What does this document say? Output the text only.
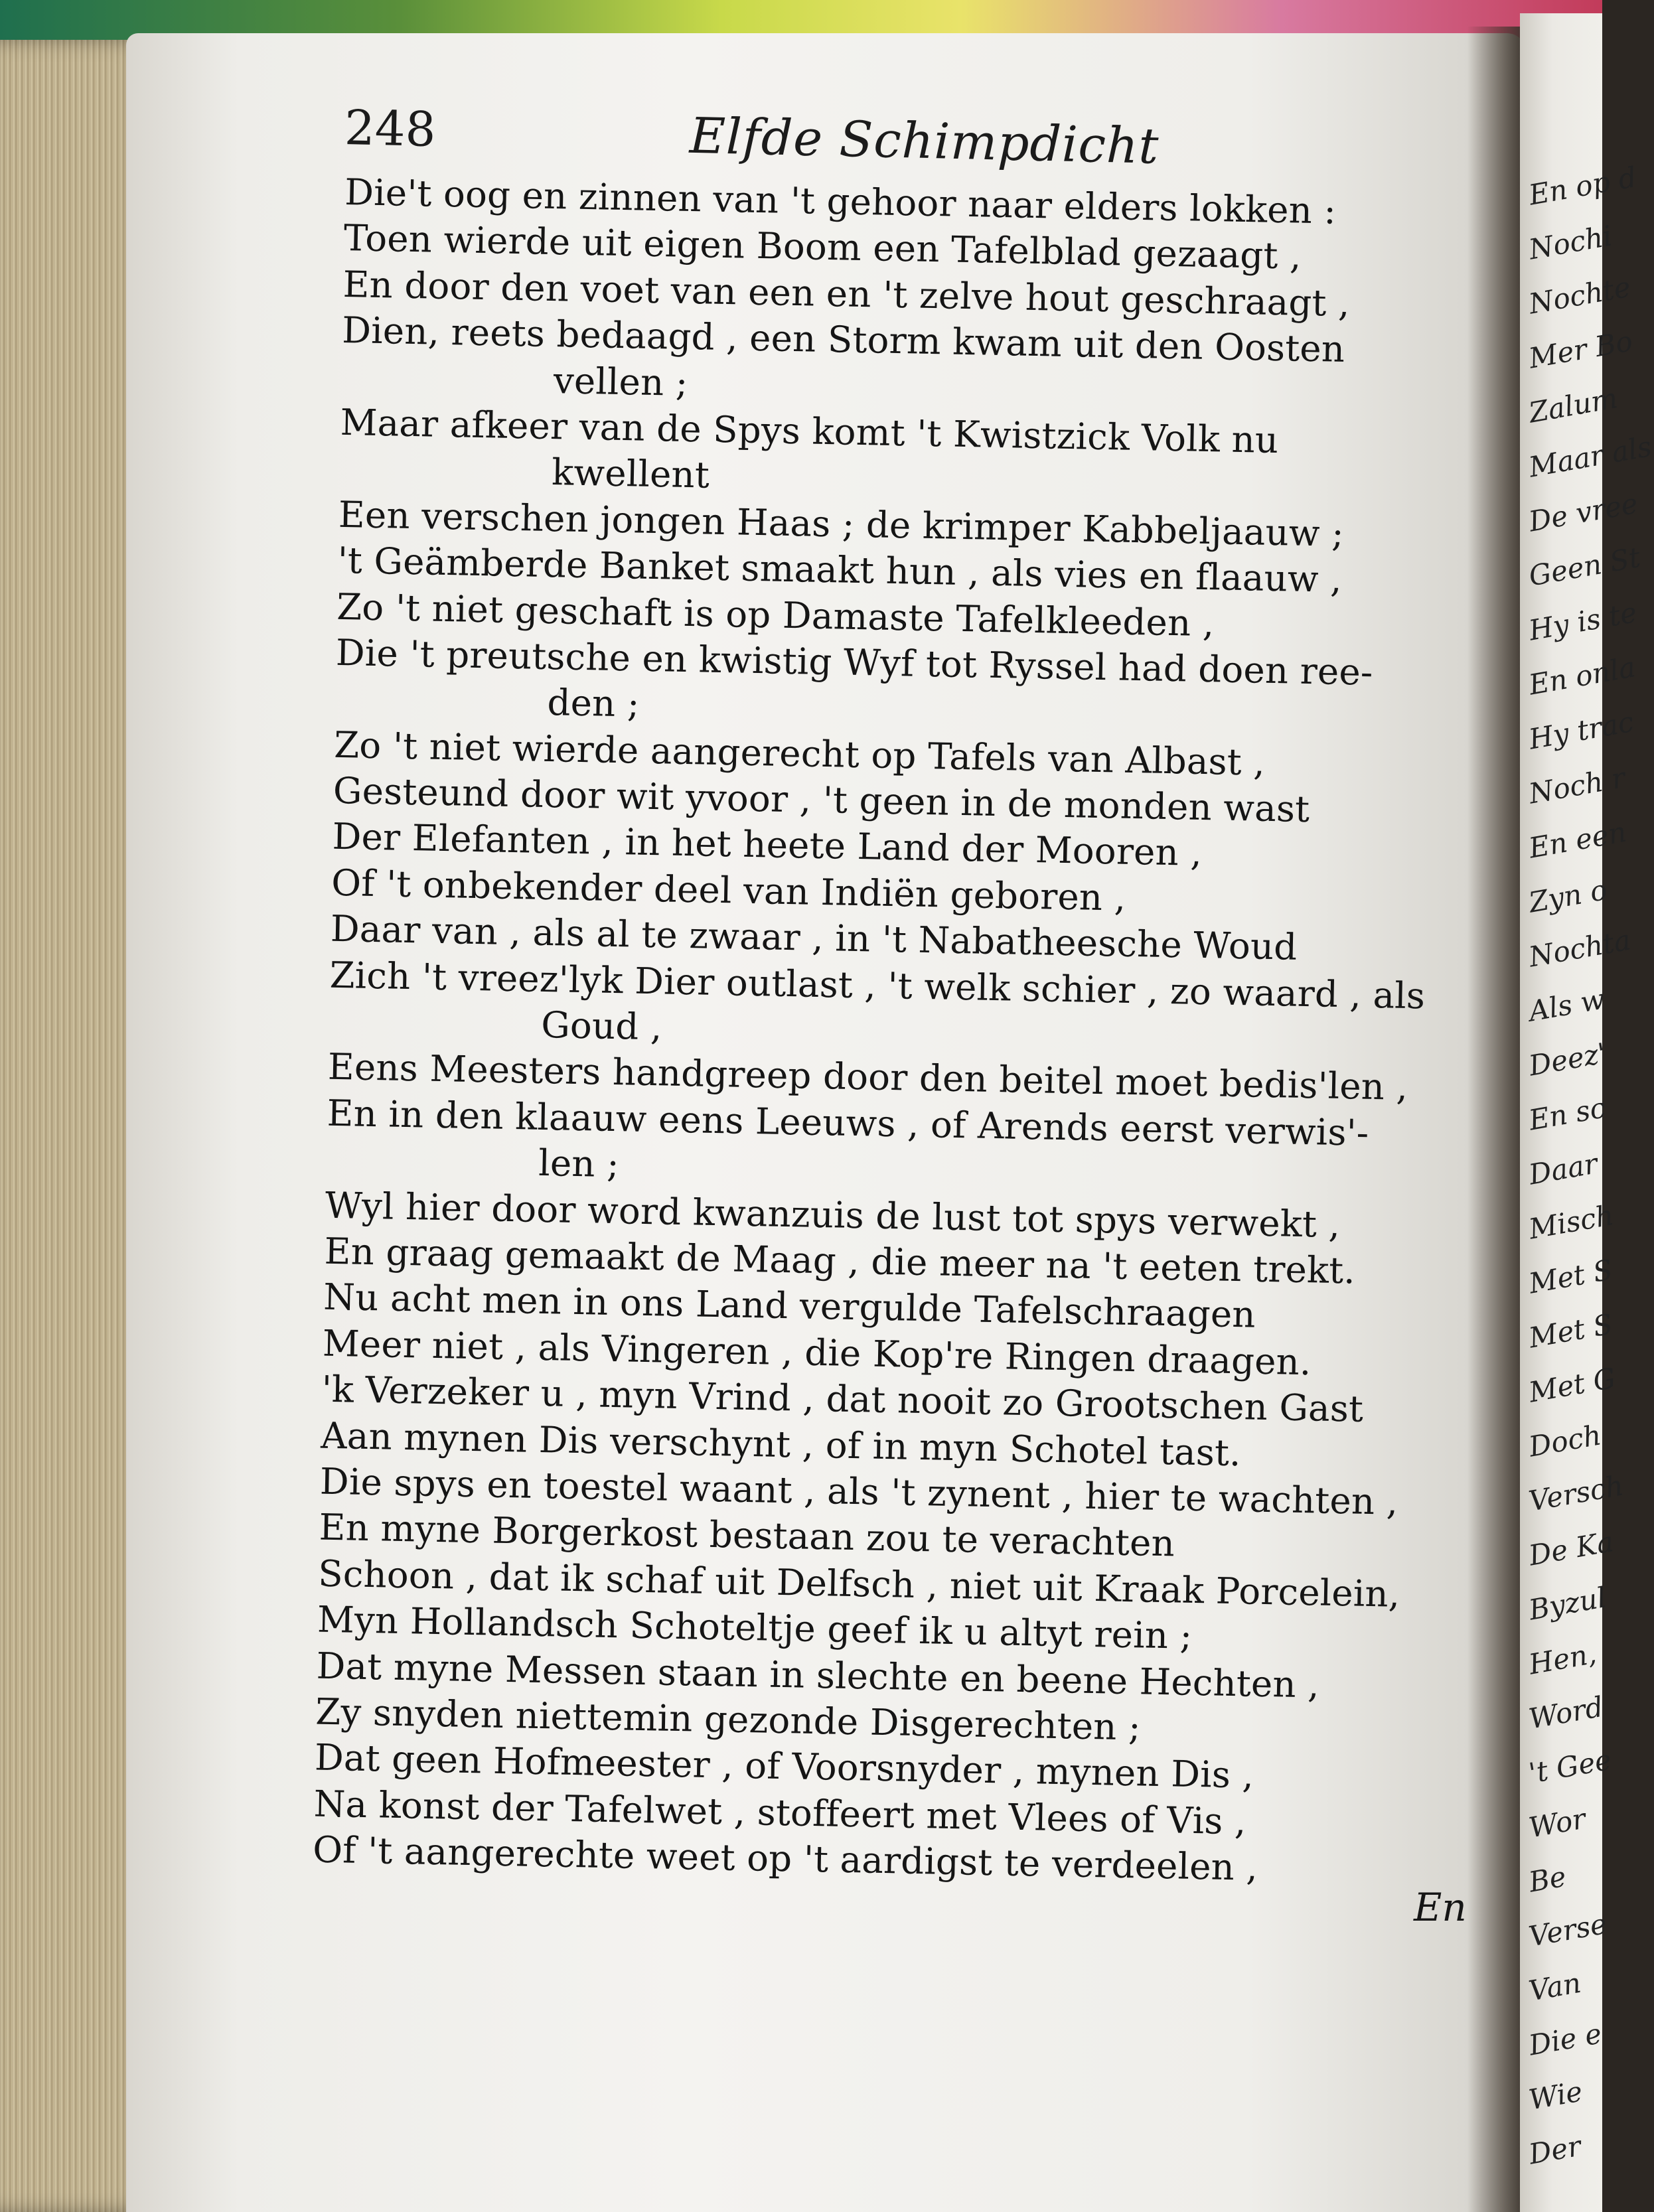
En op d
Nochi
Nochte
Mer Bo
Zalum
Maar als
De vree
Geen St
Hy is te
En onla
Hy trac
Noch r
En een
Zyn o
Nochta
Als w
Deez'
En sc
Daar
Misch
Met S
Met S
Met G
Doch
Versch
De Ka
Byzul
Hen,
Word
't Gee
Wor
Be
Verse
Van
Die e
Wie
Der
248	Elfde Schimpdicht
Die't oog en zinnen van 't gehoor naar elders lokken :
Toen wierde uit eigen Boom een Tafelblad gezaagt ,
En door den voet van een en 't zelve hout geschraagt ,
Dien, reets bedaagd , een Storm kwam uit den Oosten
vellen ;
Maar afkeer van de Spys komt 't Kwistzick Volk nu
kwellent
Een verschen jongen Haas ; de krimper Kabbeljaauw ;
't Geämberde Banket smaakt hun , als vies en flaauw ,
Zo 't niet geschaft is op Damaste Tafelkleeden ,
Die 't preutsche en kwistig Wyf tot Ryssel had doen ree-
den ;
Zo 't niet wierde aangerecht op Tafels van Albast ,
Gesteund door wit yvoor , 't geen in de monden wast
Der Elefanten , in het heete Land der Mooren ,
Of 't onbekender deel van Indiën geboren ,
Daar van , als al te zwaar , in 't Nabatheesche Woud
Zich 't vreez'lyk Dier outlast , 't welk schier , zo waard , als
Goud ,
Eens Meesters handgreep door den beitel moet bedis'len ,
En in den klaauw eens Leeuws , of Arends eerst verwis'-
len ;
Wyl hier door word kwanzuis de lust tot spys verwekt ,
En graag gemaakt de Maag , die meer na 't eeten trekt.
Nu acht men in ons Land vergulde Tafelschraagen
Meer niet , als Vingeren , die Kop're Ringen draagen.
'k Verzeker u , myn Vrind , dat nooit zo Grootschen Gast
Aan mynen Dis verschynt , of in myn Schotel tast.
Die spys en toestel waant , als 't zynent , hier te wachten ,
En myne Borgerkost bestaan zou te verachten
Schoon , dat ik schaf uit Delfsch , niet uit Kraak Porcelein,
Myn Hollandsch Schoteltje geef ik u altyt rein ;
Dat myne Messen staan in slechte en beene Hechten ,
Zy snyden niettemin gezonde Disgerechten ;
Dat geen Hofmeester , of Voorsnyder , mynen Dis ,
Na konst der Tafelwet , stoffeert met Vlees of Vis ,
Of 't aangerechte weet op 't aardigst te verdeelen ,
En
